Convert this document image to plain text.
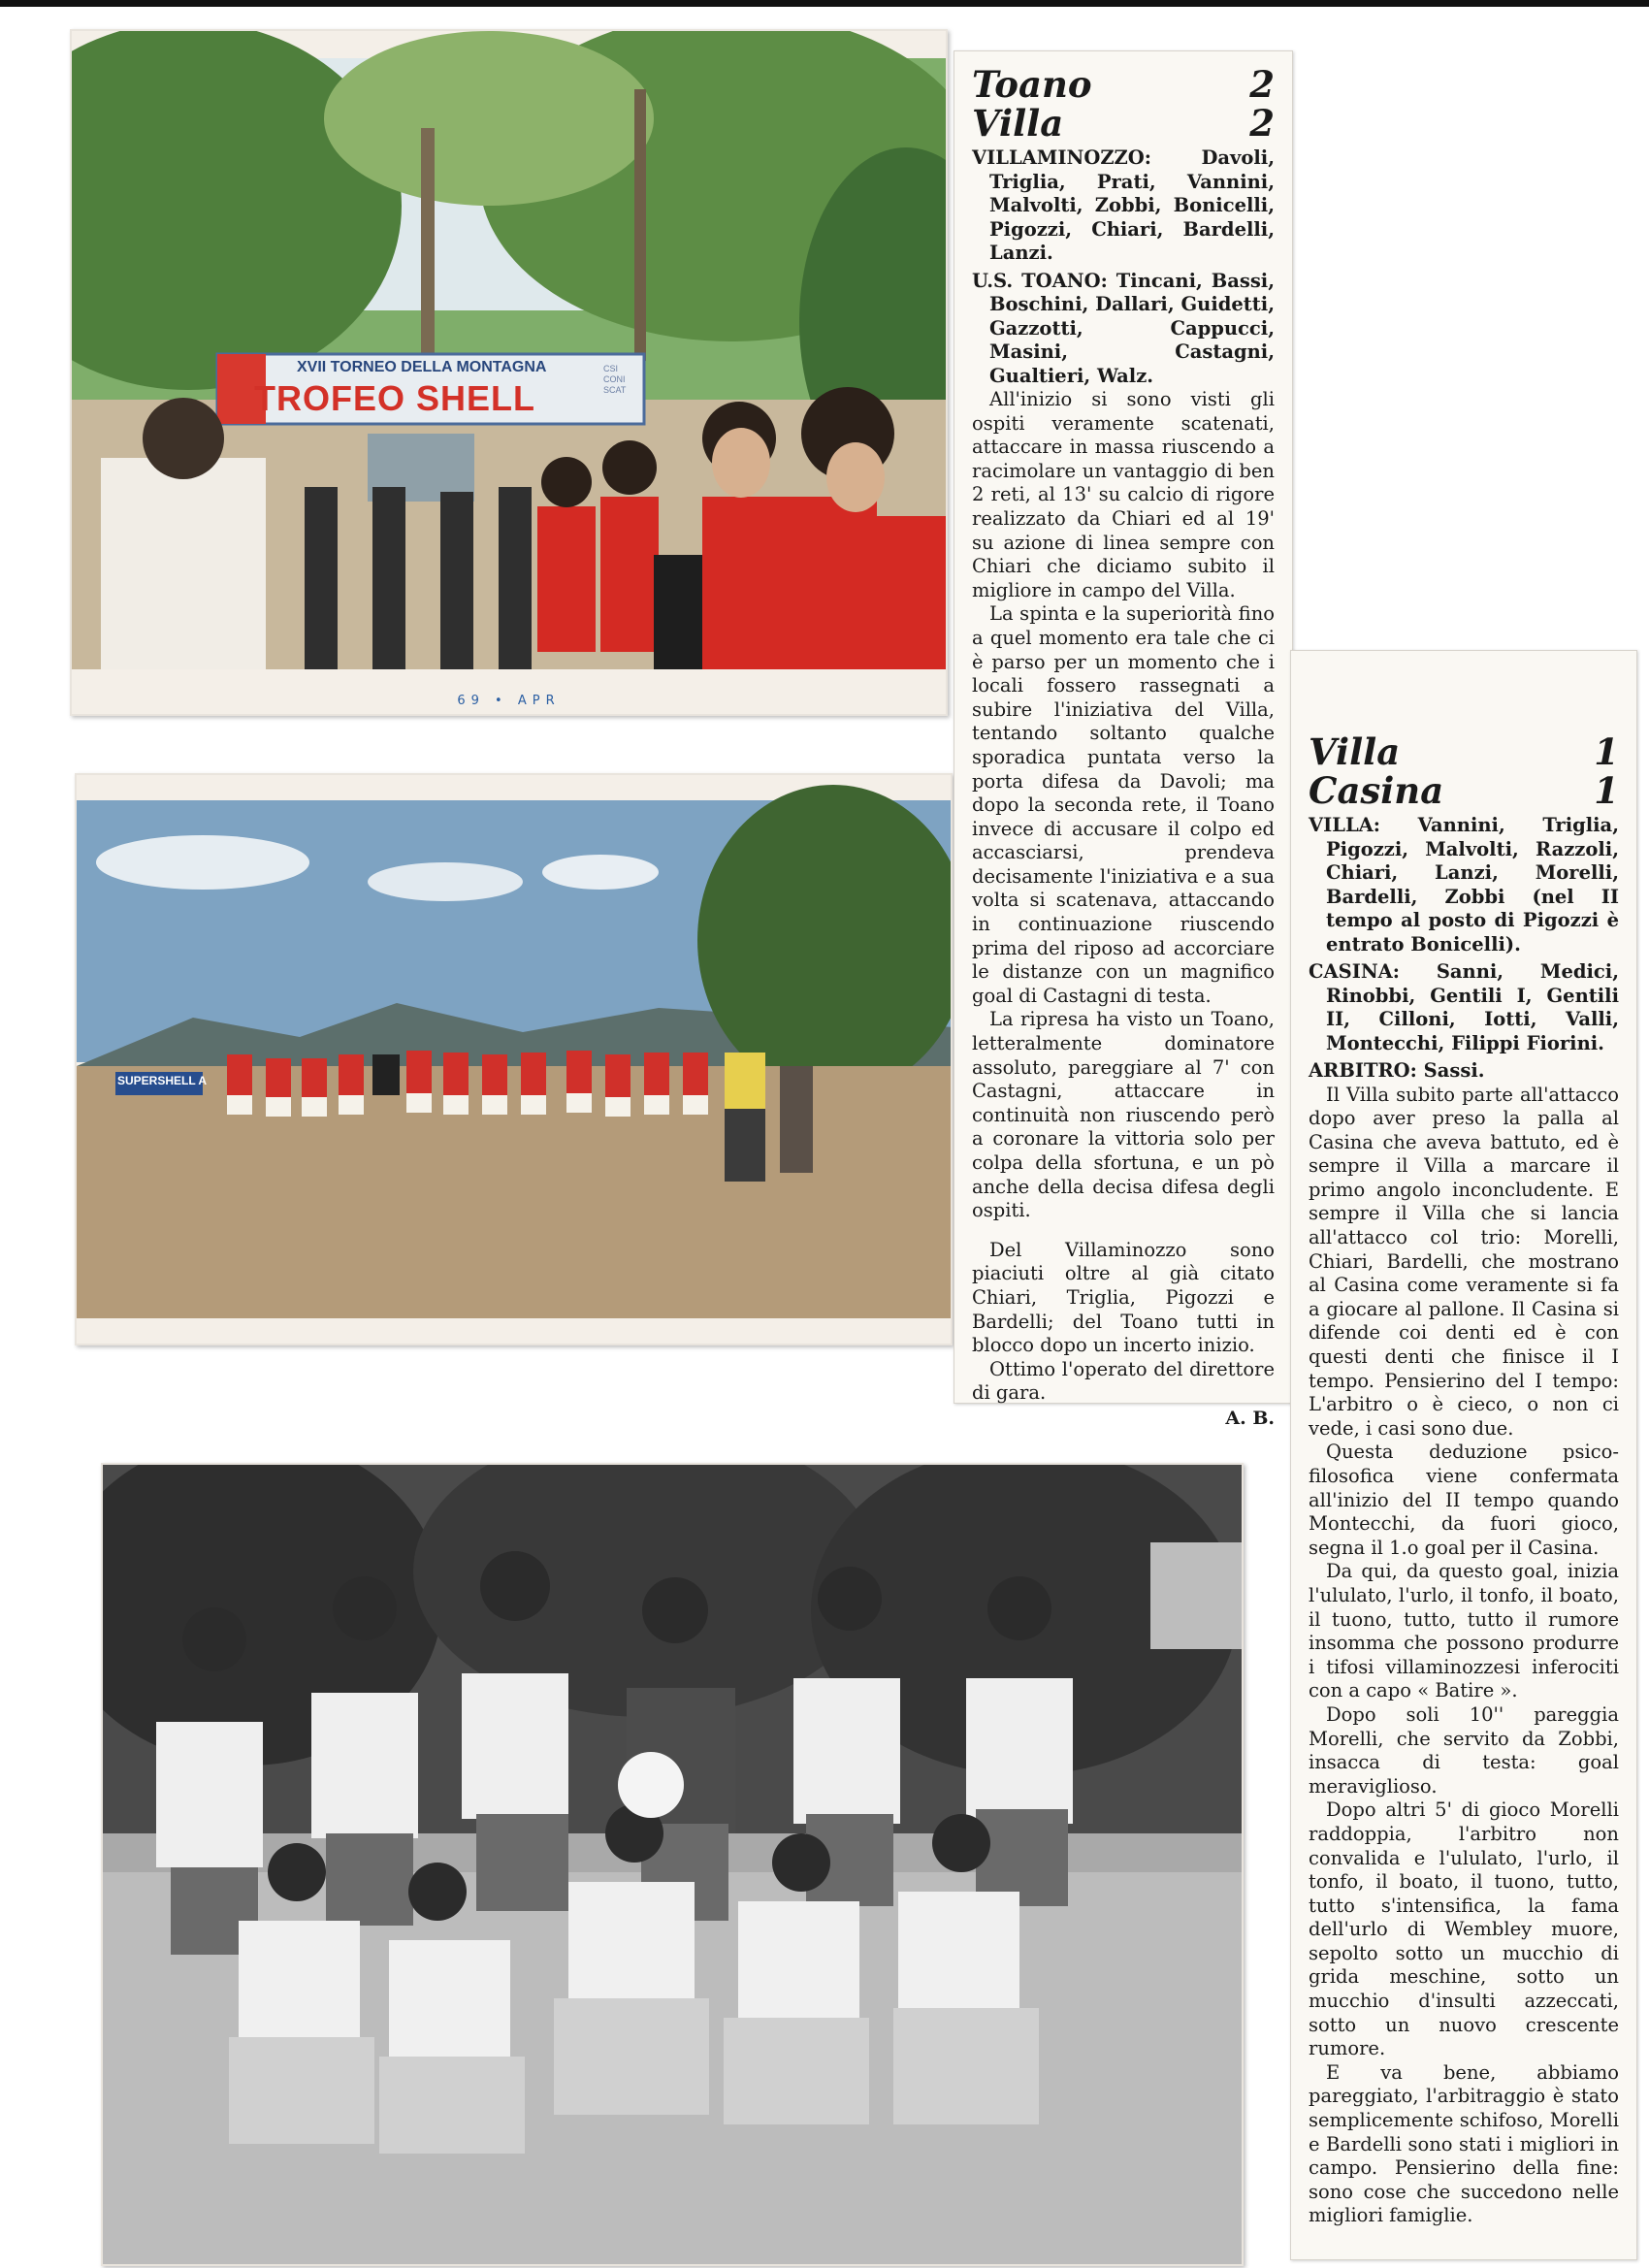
XVII TORNEO DELLA MONTAGNA
TROFEO SHELL
CSI CONI SCAT
69 • APR
SUPERSHELL A
Toano	2
Villa	2
VILLAMINOZZO:	Davoli, Triglia, Prati, Vannini, Malvolti, Zobbi, Bonicelli, Pigozzi, Chiari, Bardelli, Lanzi.
U.S. TOANO: Tincani, Bassi, Boschini, Dallari, Guidetti, Gazzotti, Cappucci, Masini, Castagni, Gualtieri, Walz.

All'inizio si sono visti gli ospiti veramente scatenati, attaccare in massa riuscendo a racimolare un vantaggio di ben 2 reti, al 13' su calcio di rigore realizzato da Chiari ed al 19' su azione di linea sempre con Chiari che diciamo subito il migliore in campo del Villa.

La spinta e la superiorità fino a quel momento era tale che ci è parso per un momento che i locali fossero rassegnati a subire l'iniziativa del Villa, tentando soltanto qualche sporadica puntata verso la porta difesa da Davoli; ma dopo la seconda rete, il Toano invece di accusare il colpo ed accasciarsi, prendeva decisamente l'iniziativa e a sua volta si scatenava, attaccando in continuazione riuscendo prima del riposo ad accorciare le distanze con un magnifico goal di Castagni di testa.

La ripresa ha visto un Toano, letteralmente dominatore assoluto, pareggiare al 7' con Castagni, attaccare in continuità non riuscendo però a coronare la vittoria solo per colpa della sfortuna, e un pò anche della decisa difesa degli ospiti.

Del Villaminozzo sono piaciuti oltre al già citato Chiari, Triglia, Pigozzi e Bardelli; del Toano tutti in blocco dopo un incerto inizio.

Ottimo l'operato del direttore di gara.

A. B.
Villa	1
Casina	1
VILLA: Vannini, Triglia, Pigozzi, Malvolti, Razzoli, Chiari, Lanzi, Morelli, Bardelli, Zobbi (nel II tempo al posto di Pigozzi è entrato Bonicelli).
CASINA: Sanni, Medici, Rinobbi, Gentili I, Gentili II, Cilloni, Iotti, Valli, Montecchi, Filippi Fiorini.
ARBITRO: Sassi.

Il Villa subito parte all'attacco dopo aver preso la palla al Casina che aveva battuto, ed è sempre il Villa a marcare il primo angolo inconcludente. E sempre il Villa che si lancia all'attacco col trio: Morelli, Chiari, Bardelli, che mostrano al Casina come veramente si fa a giocare al pallone. Il Casina si difende coi denti ed è con questi denti che finisce il I tempo. Pensierino del I tempo: L'arbitro o è cieco, o non ci vede, i casi sono due.

Questa deduzione psico-filosofica viene confermata all'inizio del II tempo quando Montecchi, da fuori gioco, segna il 1.o goal per il Casina.

Da qui, da questo goal, inizia l'ululato, l'urlo, il tonfo, il boato, il tuono, tutto, tutto il rumore insomma che possono produrre i tifosi villaminozzesi inferociti con a capo « Batire ».

Dopo soli 10'' pareggia Morelli, che servito da Zobbi, insacca di testa: goal meraviglioso.

Dopo altri 5' di gioco Morelli raddoppia, l'arbitro non convalida e l'ululato, l'urlo, il tonfo, il boato, il tuono, tutto, tutto s'intensifica, la fama dell'urlo di Wembley muore, sepolto sotto un mucchio di grida meschine, sotto un mucchio d'insulti azzeccati, sotto un nuovo crescente rumore.

E va bene, abbiamo pareggiato, l'arbitraggio è stato semplicemente schifoso, Morelli e Bardelli sono stati i migliori in campo. Pensierino della fine: sono cose che succedono nelle migliori famiglie.
